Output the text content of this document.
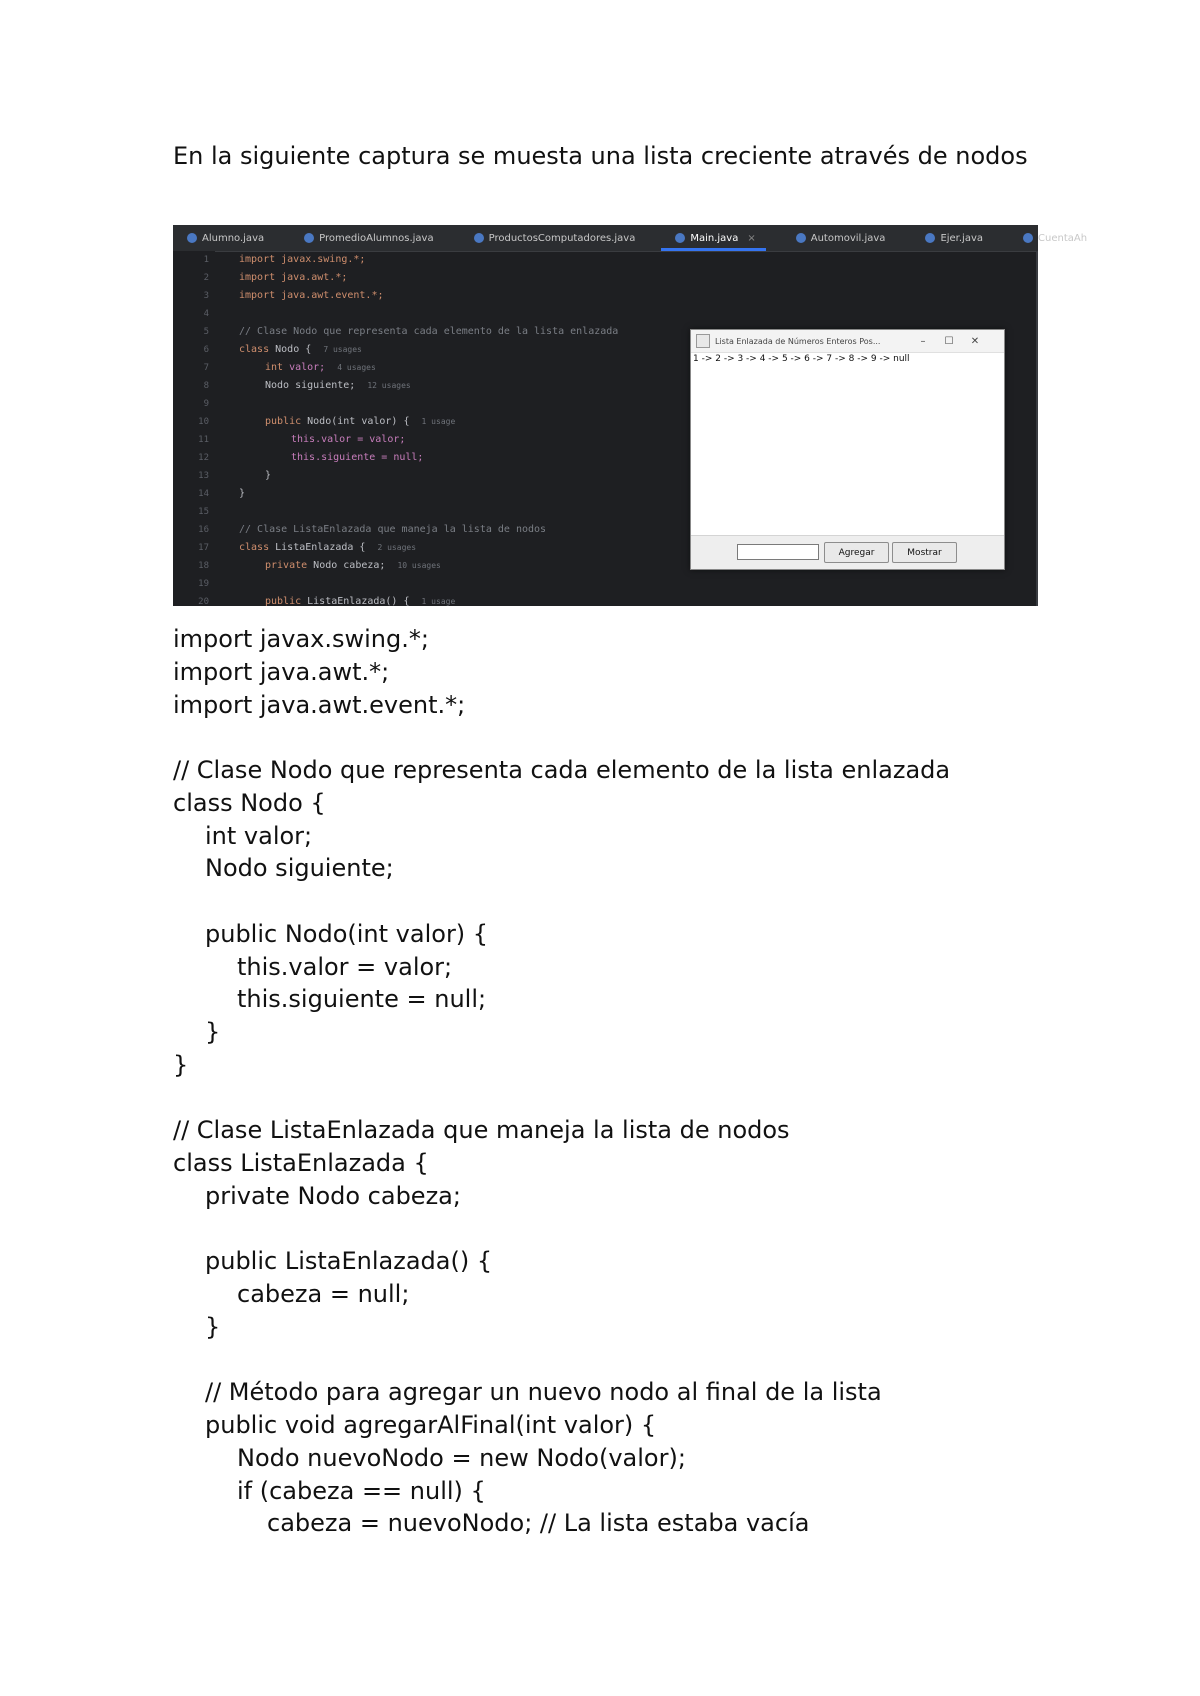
En la siguiente captura se muesta una lista creciente através de nodos

Alumno.java	PromedioAlumnos.java	ProductosComputadores.java	Main.java ×	Automovil.java	Ejer.java	CuentaAh
1
2
3
4
5
6
7
8
9
10
11
12
13
14
15
16
17
18
19
20
import javax.swing.*;
import java.awt.*;
import java.awt.event.*;
// Clase Nodo que representa cada elemento de la lista enlazada
class Nodo { 7 usages
int valor; 4 usages
Nodo siguiente; 12 usages
public Nodo(int valor) { 1 usage
this.valor = valor;
this.siguiente = null;
}
}
// Clase ListaEnlazada que maneja la lista de nodos
class ListaEnlazada { 2 usages
private Nodo cabeza; 10 usages
public ListaEnlazada() { 1 usage
Lista Enlazada de Números Enteros Pos...	–	☐	✕
1 -> 2 -> 3 -> 4 -> 5 -> 6 -> 7 -> 8 -> 9 -> null
Agregar	Mostrar

import javax.swing.*;

import java.awt.*;

import java.awt.event.*;

// Clase Nodo que representa cada elemento de la lista enlazada

class Nodo {

int valor;

Nodo siguiente;

public Nodo(int valor) {

this.valor = valor;

this.siguiente = null;

}

}

// Clase ListaEnlazada que maneja la lista de nodos

class ListaEnlazada {

private Nodo cabeza;

public ListaEnlazada() {

cabeza = null;

}

// Método para agregar un nuevo nodo al final de la lista

public void agregarAlFinal(int valor) {

Nodo nuevoNodo = new Nodo(valor);

if (cabeza == null) {

cabeza = nuevoNodo; // La lista estaba vacía
